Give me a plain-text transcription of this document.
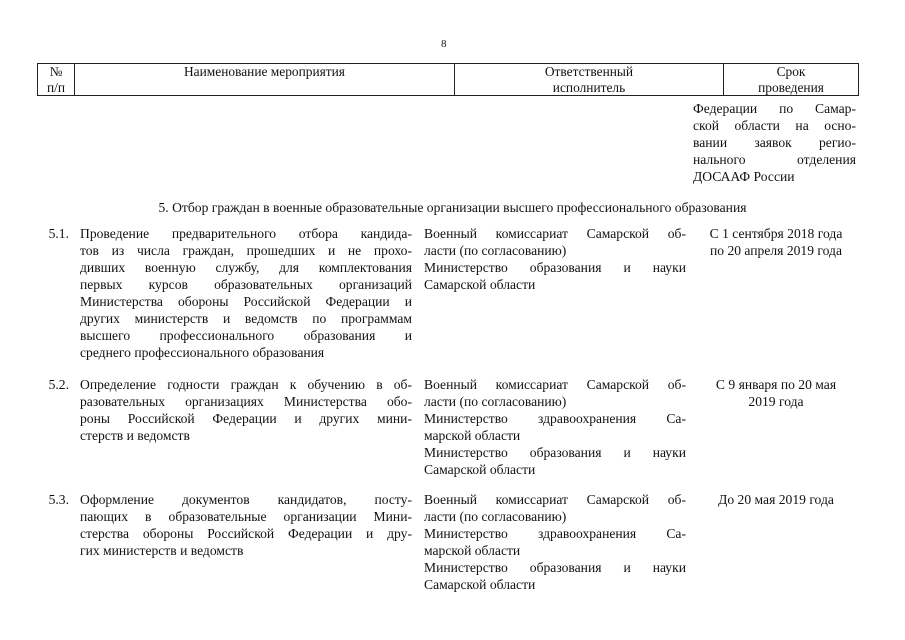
8
№
п/п
Наименование мероприятия	Ответственный
исполнитель
Срок
проведения
Федерации по Самар-
ской области на осно-
вании заявок регио-
нального отделения
ДОСААФ России
5. Отбор граждан в военные образовательные организации высшего профессионального образования
5.1. Проведение предварительного отбора кандида-
тов из числа граждан, прошедших и не прохо-
дивших военную службу, для комплектования
первых курсов образовательных организаций
Министерства обороны Российской Федерации и
других министерств и ведомств по программам
высшего профессионального образования и
среднего профессионального образования
Военный комиссариат Самарской об-
ласти (по согласованию)
Министерство образования и науки
Самарской области
С 1 сентября 2018 года
по 20 апреля 2019 года
5.2. Определение годности граждан к обучению в об-
разовательных организациях Министерства обо-
роны Российской Федерации и других мини-
стерств и ведомств
Военный комиссариат Самарской об-
ласти (по согласованию)
Министерство здравоохранения Са-
марской области
Министерство образования и науки
Самарской области
С 9 января по 20 мая
2019 года
5.3. Оформление документов кандидатов, посту-
пающих в образовательные организации Мини-
стерства обороны Российской Федерации и дру-
гих министерств и ведомств
Военный комиссариат Самарской об-
ласти (по согласованию)
Министерство здравоохранения Са-
марской области
Министерство образования и науки
Самарской области
До 20 мая 2019 года
